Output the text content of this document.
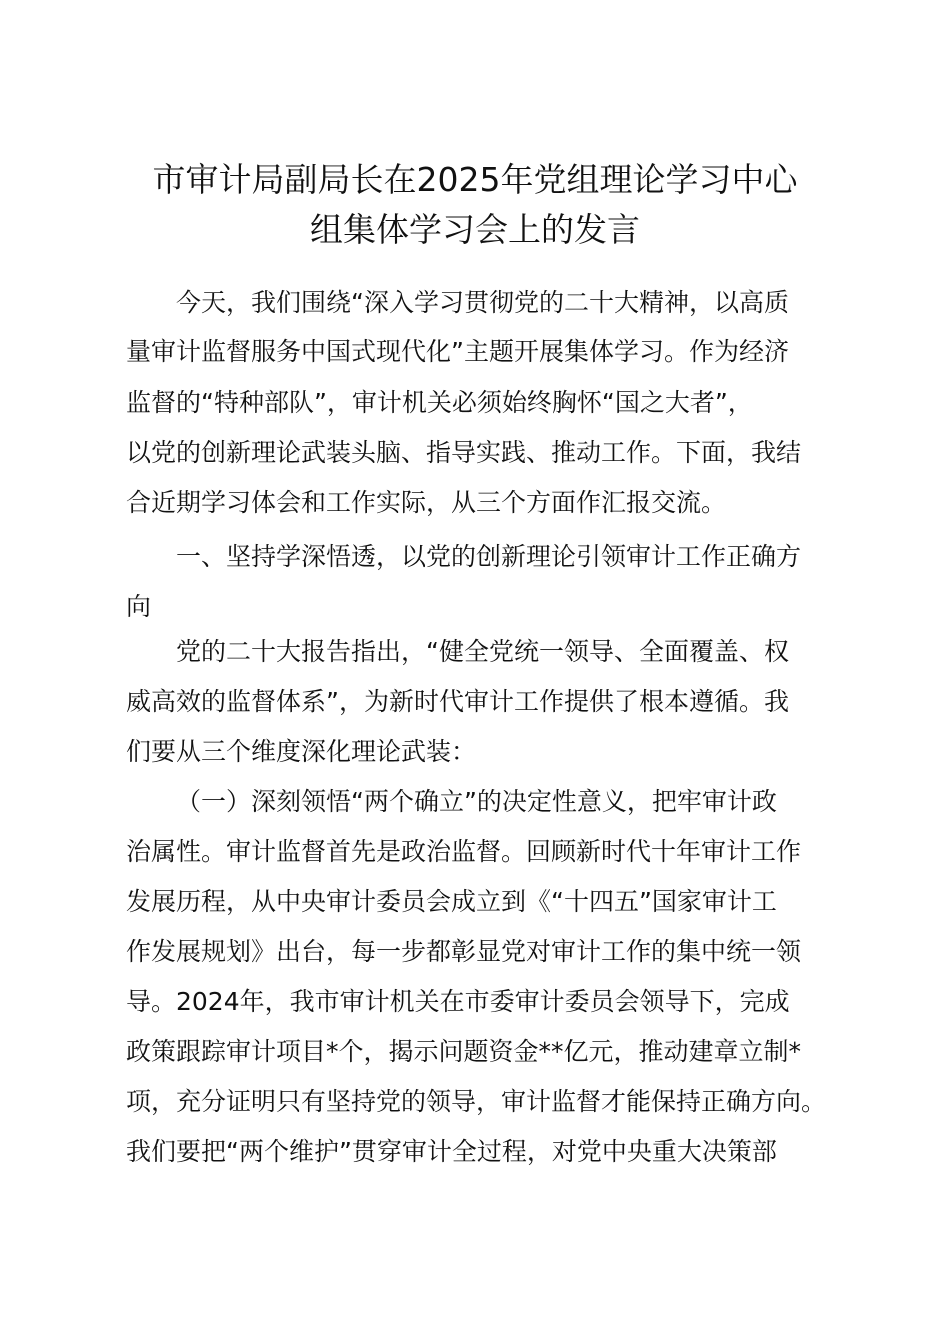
市审计局副局长在2025年党组理论学习中心
组集体学习会上的发言
今天，我们围绕“深入学习贯彻党的二十大精神，以高质
量审计监督服务中国式现代化”主题开展集体学习。作为经济
监督的“特种部队”，审计机关必须始终胸怀“国之大者”，
以党的创新理论武装头脑、指导实践、推动工作。下面，我结
合近期学习体会和工作实际，从三个方面作汇报交流。
一、坚持学深悟透，以党的创新理论引领审计工作正确方
向
党的二十大报告指出，“健全党统一领导、全面覆盖、权
威高效的监督体系”，为新时代审计工作提供了根本遵循。我
们要从三个维度深化理论武装：
（一）深刻领悟“两个确立”的决定性意义，把牢审计政
治属性。审计监督首先是政治监督。回顾新时代十年审计工作
发展历程，从中央审计委员会成立到《“十四五”国家审计工
作发展规划》出台，每一步都彰显党对审计工作的集中统一领
导。2024年，我市审计机关在市委审计委员会领导下，完成
政策跟踪审计项目*个，揭示问题资金**亿元，推动建章立制*
项，充分证明只有坚持党的领导，审计监督才能保持正确方向。
我们要把“两个维护”贯穿审计全过程，对党中央重大决策部
